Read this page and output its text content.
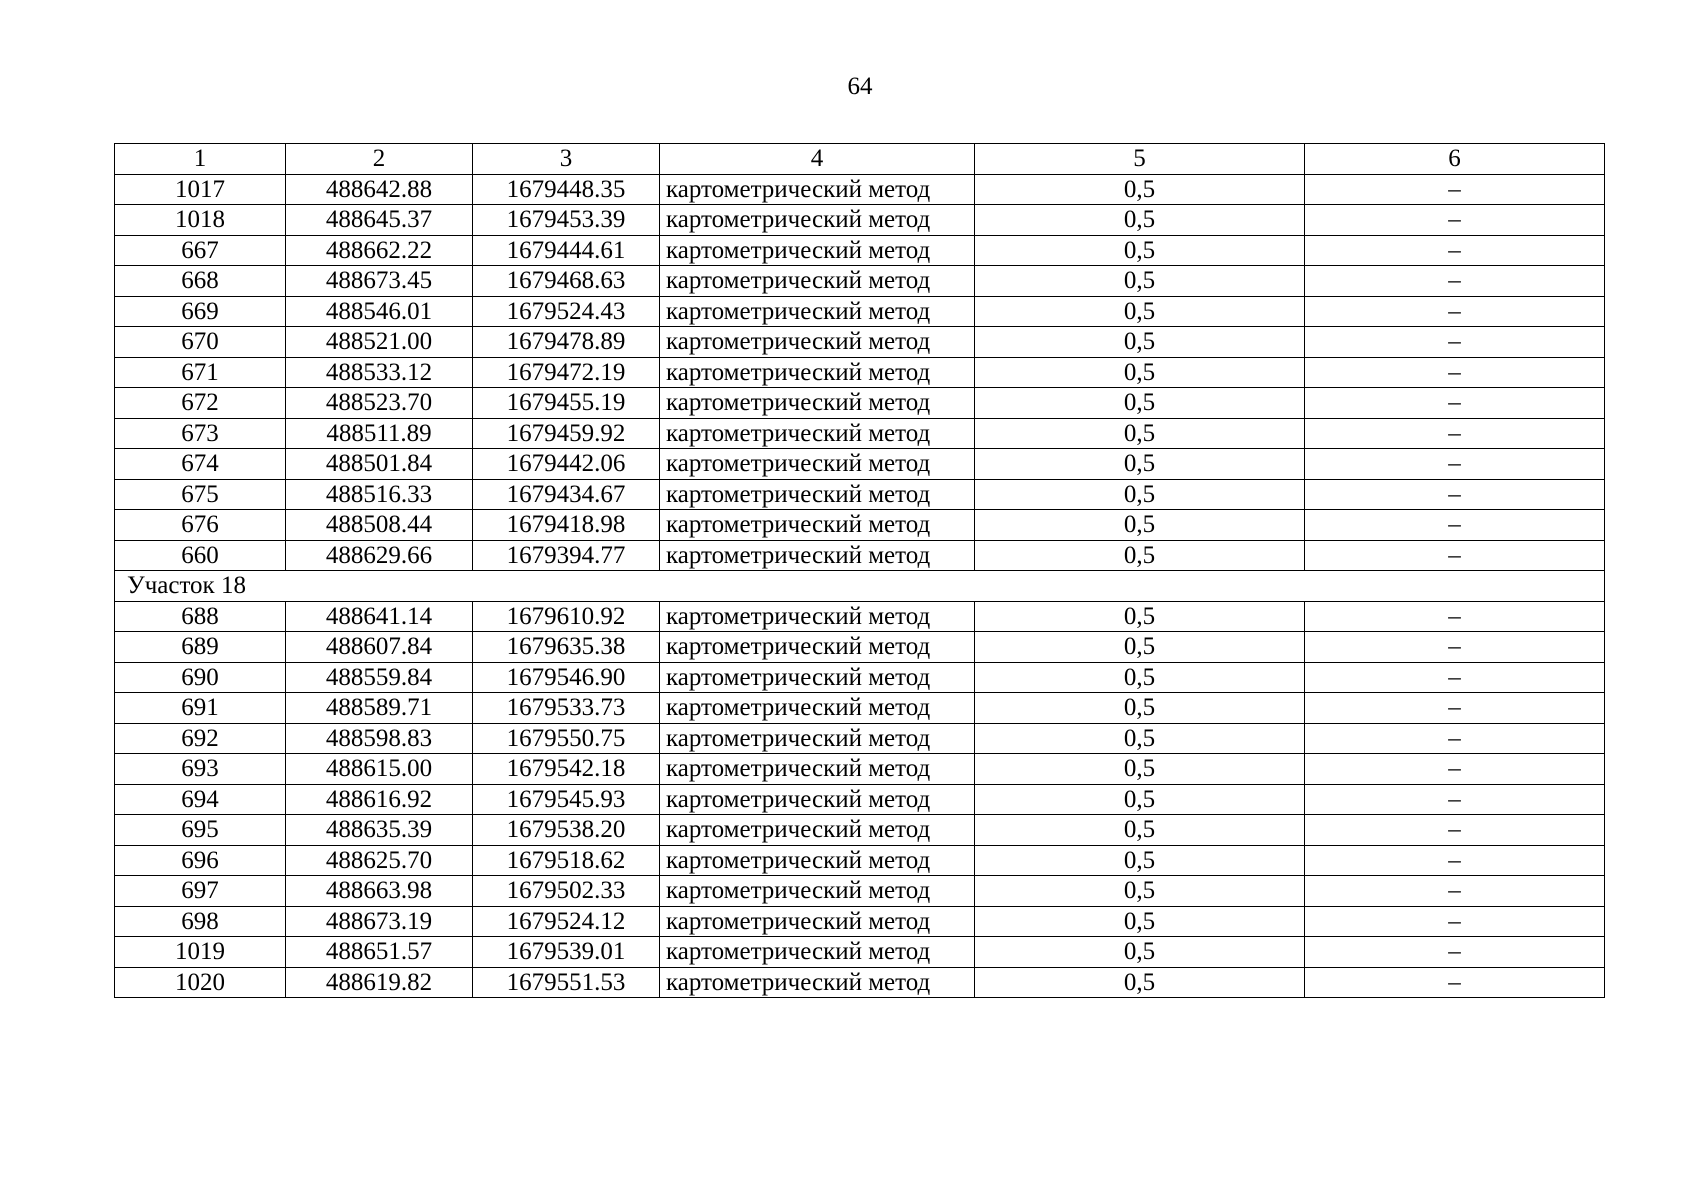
64
1	2	3	4	5	6
1017	488642.88	1679448.35	картометрический метод	0,5	–
1018	488645.37	1679453.39	картометрический метод	0,5	–
667	488662.22	1679444.61	картометрический метод	0,5	–
668	488673.45	1679468.63	картометрический метод	0,5	–
669	488546.01	1679524.43	картометрический метод	0,5	–
670	488521.00	1679478.89	картометрический метод	0,5	–
671	488533.12	1679472.19	картометрический метод	0,5	–
672	488523.70	1679455.19	картометрический метод	0,5	–
673	488511.89	1679459.92	картометрический метод	0,5	–
674	488501.84	1679442.06	картометрический метод	0,5	–
675	488516.33	1679434.67	картометрический метод	0,5	–
676	488508.44	1679418.98	картометрический метод	0,5	–
660	488629.66	1679394.77	картометрический метод	0,5	–
Участок 18					
688	488641.14	1679610.92	картометрический метод	0,5	–
689	488607.84	1679635.38	картометрический метод	0,5	–
690	488559.84	1679546.90	картометрический метод	0,5	–
691	488589.71	1679533.73	картометрический метод	0,5	–
692	488598.83	1679550.75	картометрический метод	0,5	–
693	488615.00	1679542.18	картометрический метод	0,5	–
694	488616.92	1679545.93	картометрический метод	0,5	–
695	488635.39	1679538.20	картометрический метод	0,5	–
696	488625.70	1679518.62	картометрический метод	0,5	–
697	488663.98	1679502.33	картометрический метод	0,5	–
698	488673.19	1679524.12	картометрический метод	0,5	–
1019	488651.57	1679539.01	картометрический метод	0,5	–
1020	488619.82	1679551.53	картометрический метод	0,5	–
